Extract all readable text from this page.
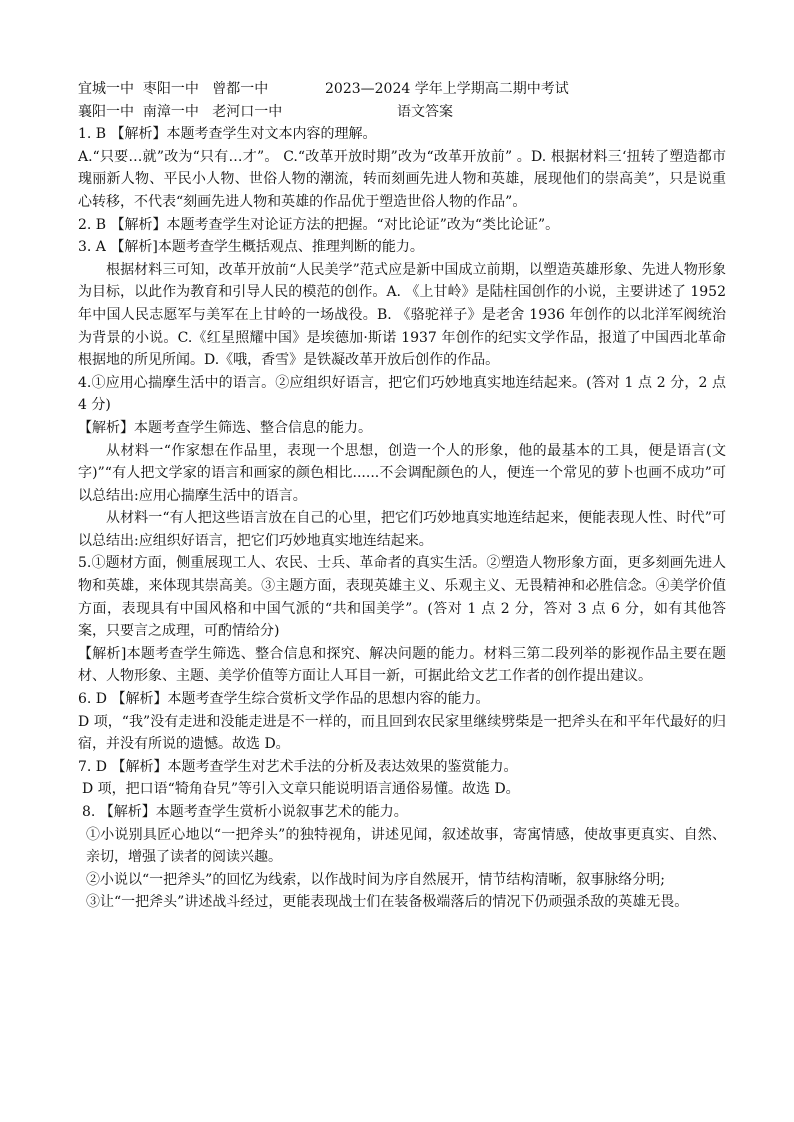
宜城一中  枣阳一中   曾都一中	2023—2024 学年上学期高二期中考试
襄阳一中  南漳一中   老河口一中	语文答案

1. B 【解析】本题考查学生对文本内容的理解。

A.“只要…就”改为“只有…才”。 C.“改革开放时期”改为“改革开放前” 。D. 根据材料三‘扭转了塑造都市瑰丽新人物、平民小人物、世俗人物的潮流，转而刻画先进人物和英雄，展现他们的崇高美”，只是说重心转移，不代表“刻画先进人物和英雄的作品优于塑造世俗人物的作品”。

2. B 【解析】本题考查学生对论证方法的把握。“对比论证”改为“类比论证”。

3. A 【解析]本题考查学生概括观点、推理判断的能力。

根据材料三可知，改革开放前“人民美学”范式应是新中国成立前期，以塑造英雄形象、先进人物形象为目标，以此作为教育和引导人民的模范的创作。A. 《上甘岭》是陆柱国创作的小说，主要讲述了 1952 年中国人民志愿军与美军在上甘岭的一场战役。B. 《骆驼祥子》是老舍 1936 年创作的以北洋军阀统治为背景的小说。C.《红星照耀中国》是埃德加·斯诺 1937 年创作的纪实文学作品，报道了中国西北革命根据地的所见所闻。D.《哦，香雪》是铁凝改革开放后创作的作品。

4.①应用心揣摩生活中的语言。②应组织好语言，把它们巧妙地真实地连结起来。(答对 1 点 2 分，2 点 4 分)

【解析】本题考查学生筛选、整合信息的能力。

从材料一“作家想在作品里，表现一个思想，创造一个人的形象，他的最基本的工具，便是语言(文字)”“有人把文学家的语言和画家的颜色相比......不会调配颜色的人，便连一个常见的萝卜也画不成功”可以总结出:应用心揣摩生活中的语言。

从材料一“有人把这些语言放在自己的心里，把它们巧妙地真实地连结起来，便能表现人性、时代”可以总结出:应组织好语言，把它们巧妙地真实地连结起来。

5.①题材方面，侧重展现工人、农民、士兵、革命者的真实生活。②塑造人物形象方面，更多刻画先进人物和英雄，来体现其崇高美。③主题方面，表现英雄主义、乐观主义、无畏精神和必胜信念。④美学价值方面，表现具有中国风格和中国气派的“共和国美学”。(答对 1 点 2 分，答对 3 点 6 分，如有其他答案，只要言之成理，可酌情给分)

【解析]本题考查学生筛选、整合信息和探究、解决问题的能力。材料三第二段列举的影视作品主要在题材、人物形象、主题、美学价值等方面让人耳目一新，可据此给文艺工作者的创作提出建议。

6. D 【解析】本题考查学生综合赏析文学作品的思想内容的能力。

D 项，“我”没有走进和没能走进是不一样的，而且回到农民家里继续劈柴是一把斧头在和平年代最好的归宿，并没有所说的遗憾。故选 D。

7. D 【解析】本题考查学生对艺术手法的分析及表达效果的鉴赏能力。

D 项，把口语“犄角旮旯”等引入文章只能说明语言通俗易懂。故选 D。

8. 【解析】本题考查学生赏析小说叙事艺术的能力。

①小说别具匠心地以“一把斧头”的独特视角，讲述见闻，叙述故事，寄寓情感，使故事更真实、自然、亲切，增强了读者的阅读兴趣。

②小说以“一把斧头”的回忆为线索，以作战时间为序自然展开，情节结构清晰，叙事脉络分明;

③让“一把斧头”讲述战斗经过，更能表现战士们在装备极端落后的情况下仍顽强杀敌的英雄无畏。
